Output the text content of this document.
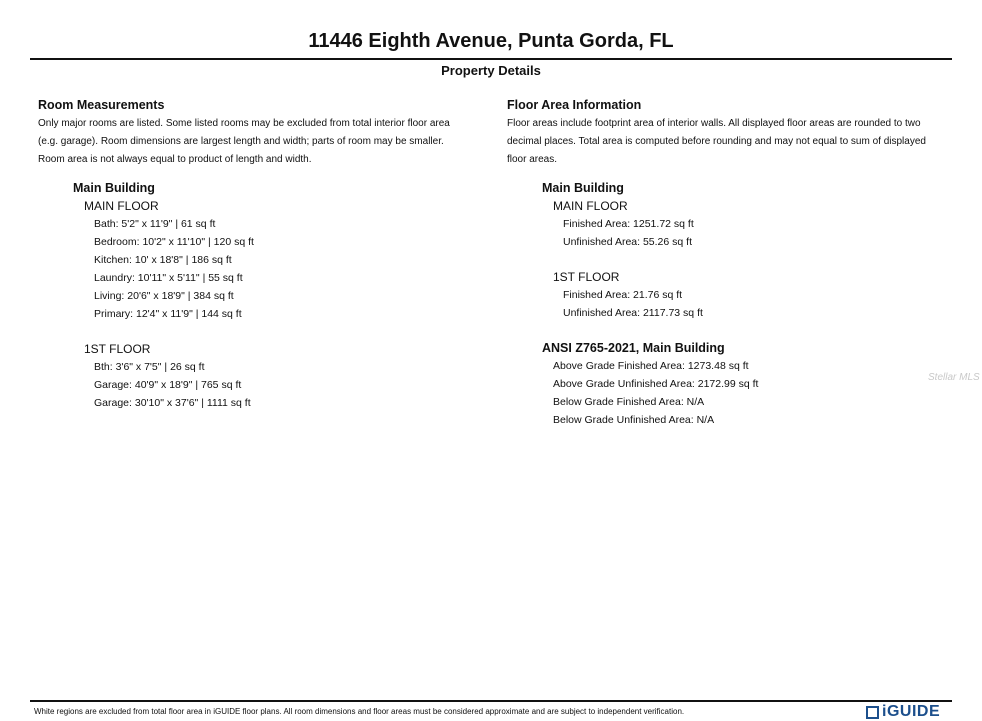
11446 Eighth Avenue, Punta Gorda, FL
Property Details
Room Measurements

Only major rooms are listed. Some listed rooms may be excluded from total interior floor area
(e.g. garage). Room dimensions are largest length and width; parts of room may be smaller.
Room area is not always equal to product of length and width.

Main Building
MAIN FLOOR
Bath: 5'2" x 11'9" | 61 sq ft
Bedroom: 10'2" x 11'10" | 120 sq ft
Kitchen: 10' x 18'8" | 186 sq ft
Laundry: 10'11" x 5'11" | 55 sq ft
Living: 20'6" x 18'9" | 384 sq ft
Primary: 12'4" x 11'9" | 144 sq ft
1ST FLOOR
Bth: 3'6" x 7'5" | 26 sq ft
Garage: 40'9" x 18'9" | 765 sq ft
Garage: 30'10" x 37'6" | 1111 sq ft
Floor Area Information

Floor areas include footprint area of interior walls. All displayed floor areas are rounded to two
decimal places. Total area is computed before rounding and may not equal to sum of displayed
floor areas.

Main Building
MAIN FLOOR
Finished Area: 1251.72 sq ft
Unfinished Area: 55.26 sq ft
1ST FLOOR
Finished Area: 21.76 sq ft
Unfinished Area: 2117.73 sq ft
ANSI Z765-2021, Main Building
Above Grade Finished Area: 1273.48 sq ft
Above Grade Unfinished Area: 2172.99 sq ft
Below Grade Finished Area: N/A
Below Grade Unfinished Area: N/A
Stellar MLS
White regions are excluded from total floor area in iGUIDE floor plans. All room dimensions and floor areas must be considered approximate and are subject to independent verification.	iGUIDE
